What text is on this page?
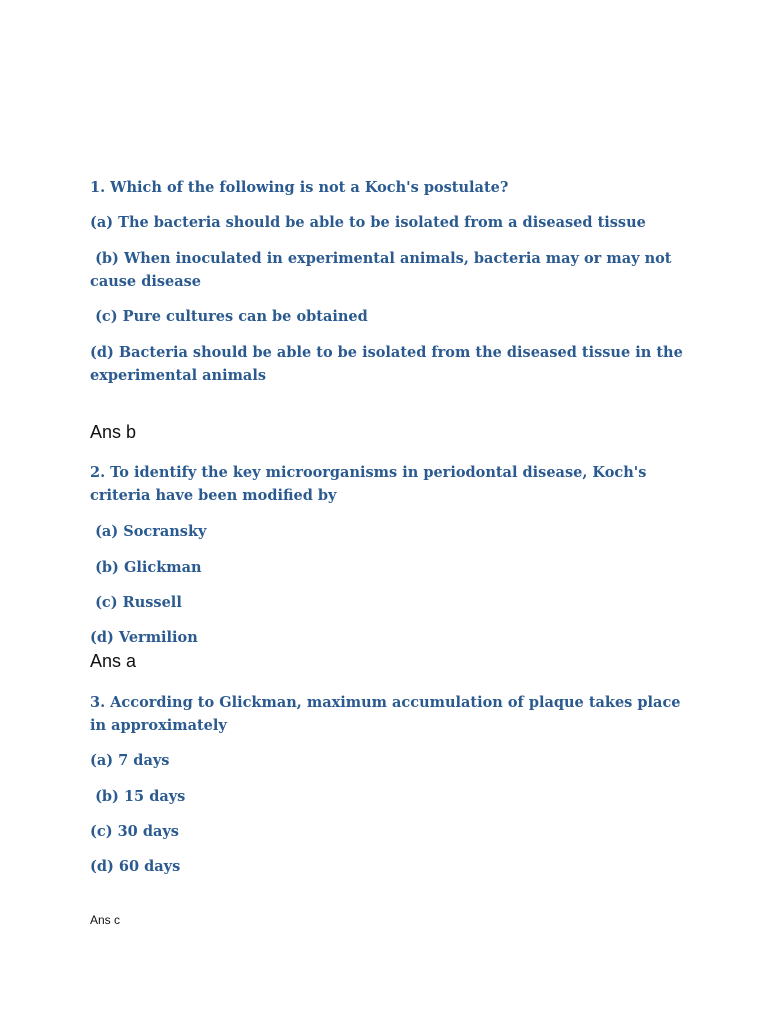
1. Which of the following is not a Koch's postulate?
(a) The bacteria should be able to be isolated from a diseased tissue
(b) When inoculated in experimental animals, bacteria may or may not cause disease
(c) Pure cultures can be obtained
(d) Bacteria should be able to be isolated from the diseased tissue in the experimental animals
Ans b
2. To identify the key microorganisms in periodontal disease, Koch's criteria have been modified by
(a) Socransky
(b) Glickman
(c) Russell
(d) Vermilion
Ans a
3. According to Glickman, maximum accumulation of plaque takes place in approximately
(a) 7 days
(b) 15 days
(c) 30 days
(d) 60 days
Ans c
